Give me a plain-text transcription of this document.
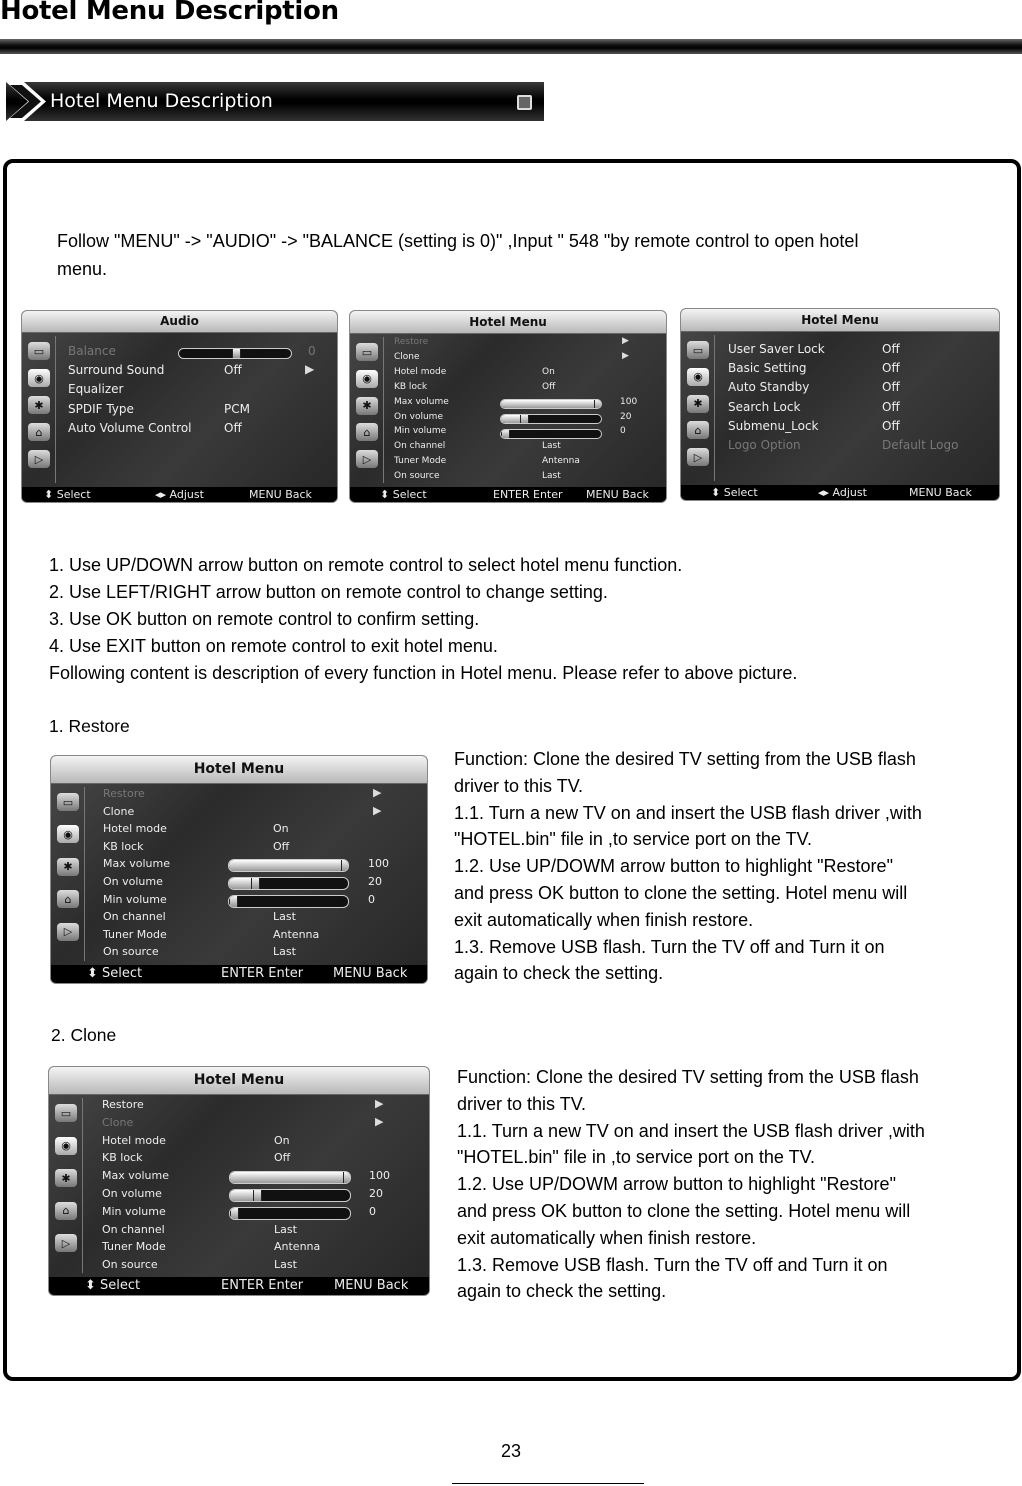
Hotel Menu Description
Hotel Menu Description
Follow "MENU" -> "AUDIO" -> "BALANCE (setting is 0)" ,Input " 548 "by remote control to open hotel
menu.
Audio
▭
◉
✱
⌂
▷
Balance	0
Surround Sound	Off	▶
Equalizer
SPDIF Type	PCM
Auto Volume Control	Off
⬍ Select	◂▸ Adjust	MENU Back
Hotel Menu
▭
◉
✱
⌂
▷
Restore	▶
Clone	▶
Hotel mode	On
KB lock	Off
Max volume	100
On volume	20
Min volume	0
On channel	Last
Tuner Mode	Antenna
On source	Last
⬍ Select	ENTER Enter MENU Back
Hotel Menu
▭
◉
✱
⌂
▷
User Saver Lock	Off
Basic Setting	Off
Auto Standby	Off
Search Lock	Off
Submenu_Lock	Off
Logo Option	Default Logo
⬍ Select	◂▸ Adjust	MENU Back
1. Use UP/DOWN arrow button on remote control to select hotel menu function.
2. Use LEFT/RIGHT arrow button on remote control to change setting.
3. Use OK button on remote control to confirm setting.
4. Use EXIT button on remote control to exit hotel menu.
Following content is description of every function in Hotel menu. Please refer to above picture.
1. Restore
Hotel Menu
▭
◉
✱
⌂
▷
Restore	▶
Clone	▶
Hotel mode	On
KB lock	Off
Max volume	100
On volume	20
Min volume	0
On channel	Last
Tuner Mode	Antenna
On source	Last
⬍ Select	ENTER Enter MENU Back
Function: Clone the desired TV setting from the USB flash
driver to this TV.
1.1. Turn a new TV on and insert the USB flash driver ,with
"HOTEL.bin" file in ,to service port on the TV.
1.2. Use UP/DOWM arrow button to highlight "Restore"
and press OK button to clone the setting. Hotel menu will
exit automatically when finish restore.
1.3. Remove USB flash. Turn the TV off and Turn it on
again to check the setting.
2. Clone
Hotel Menu
▭
◉
✱
⌂
▷
Restore	▶
Clone	▶
Hotel mode	On
KB lock	Off
Max volume	100
On volume	20
Min volume	0
On channel	Last
Tuner Mode	Antenna
On source	Last
⬍ Select	ENTER Enter MENU Back
Function: Clone the desired TV setting from the USB flash
driver to this TV.
1.1. Turn a new TV on and insert the USB flash driver ,with
"HOTEL.bin" file in ,to service port on the TV.
1.2. Use UP/DOWM arrow button to highlight "Restore"
and press OK button to clone the setting. Hotel menu will
exit automatically when finish restore.
1.3. Remove USB flash. Turn the TV off and Turn it on
again to check the setting.
23
